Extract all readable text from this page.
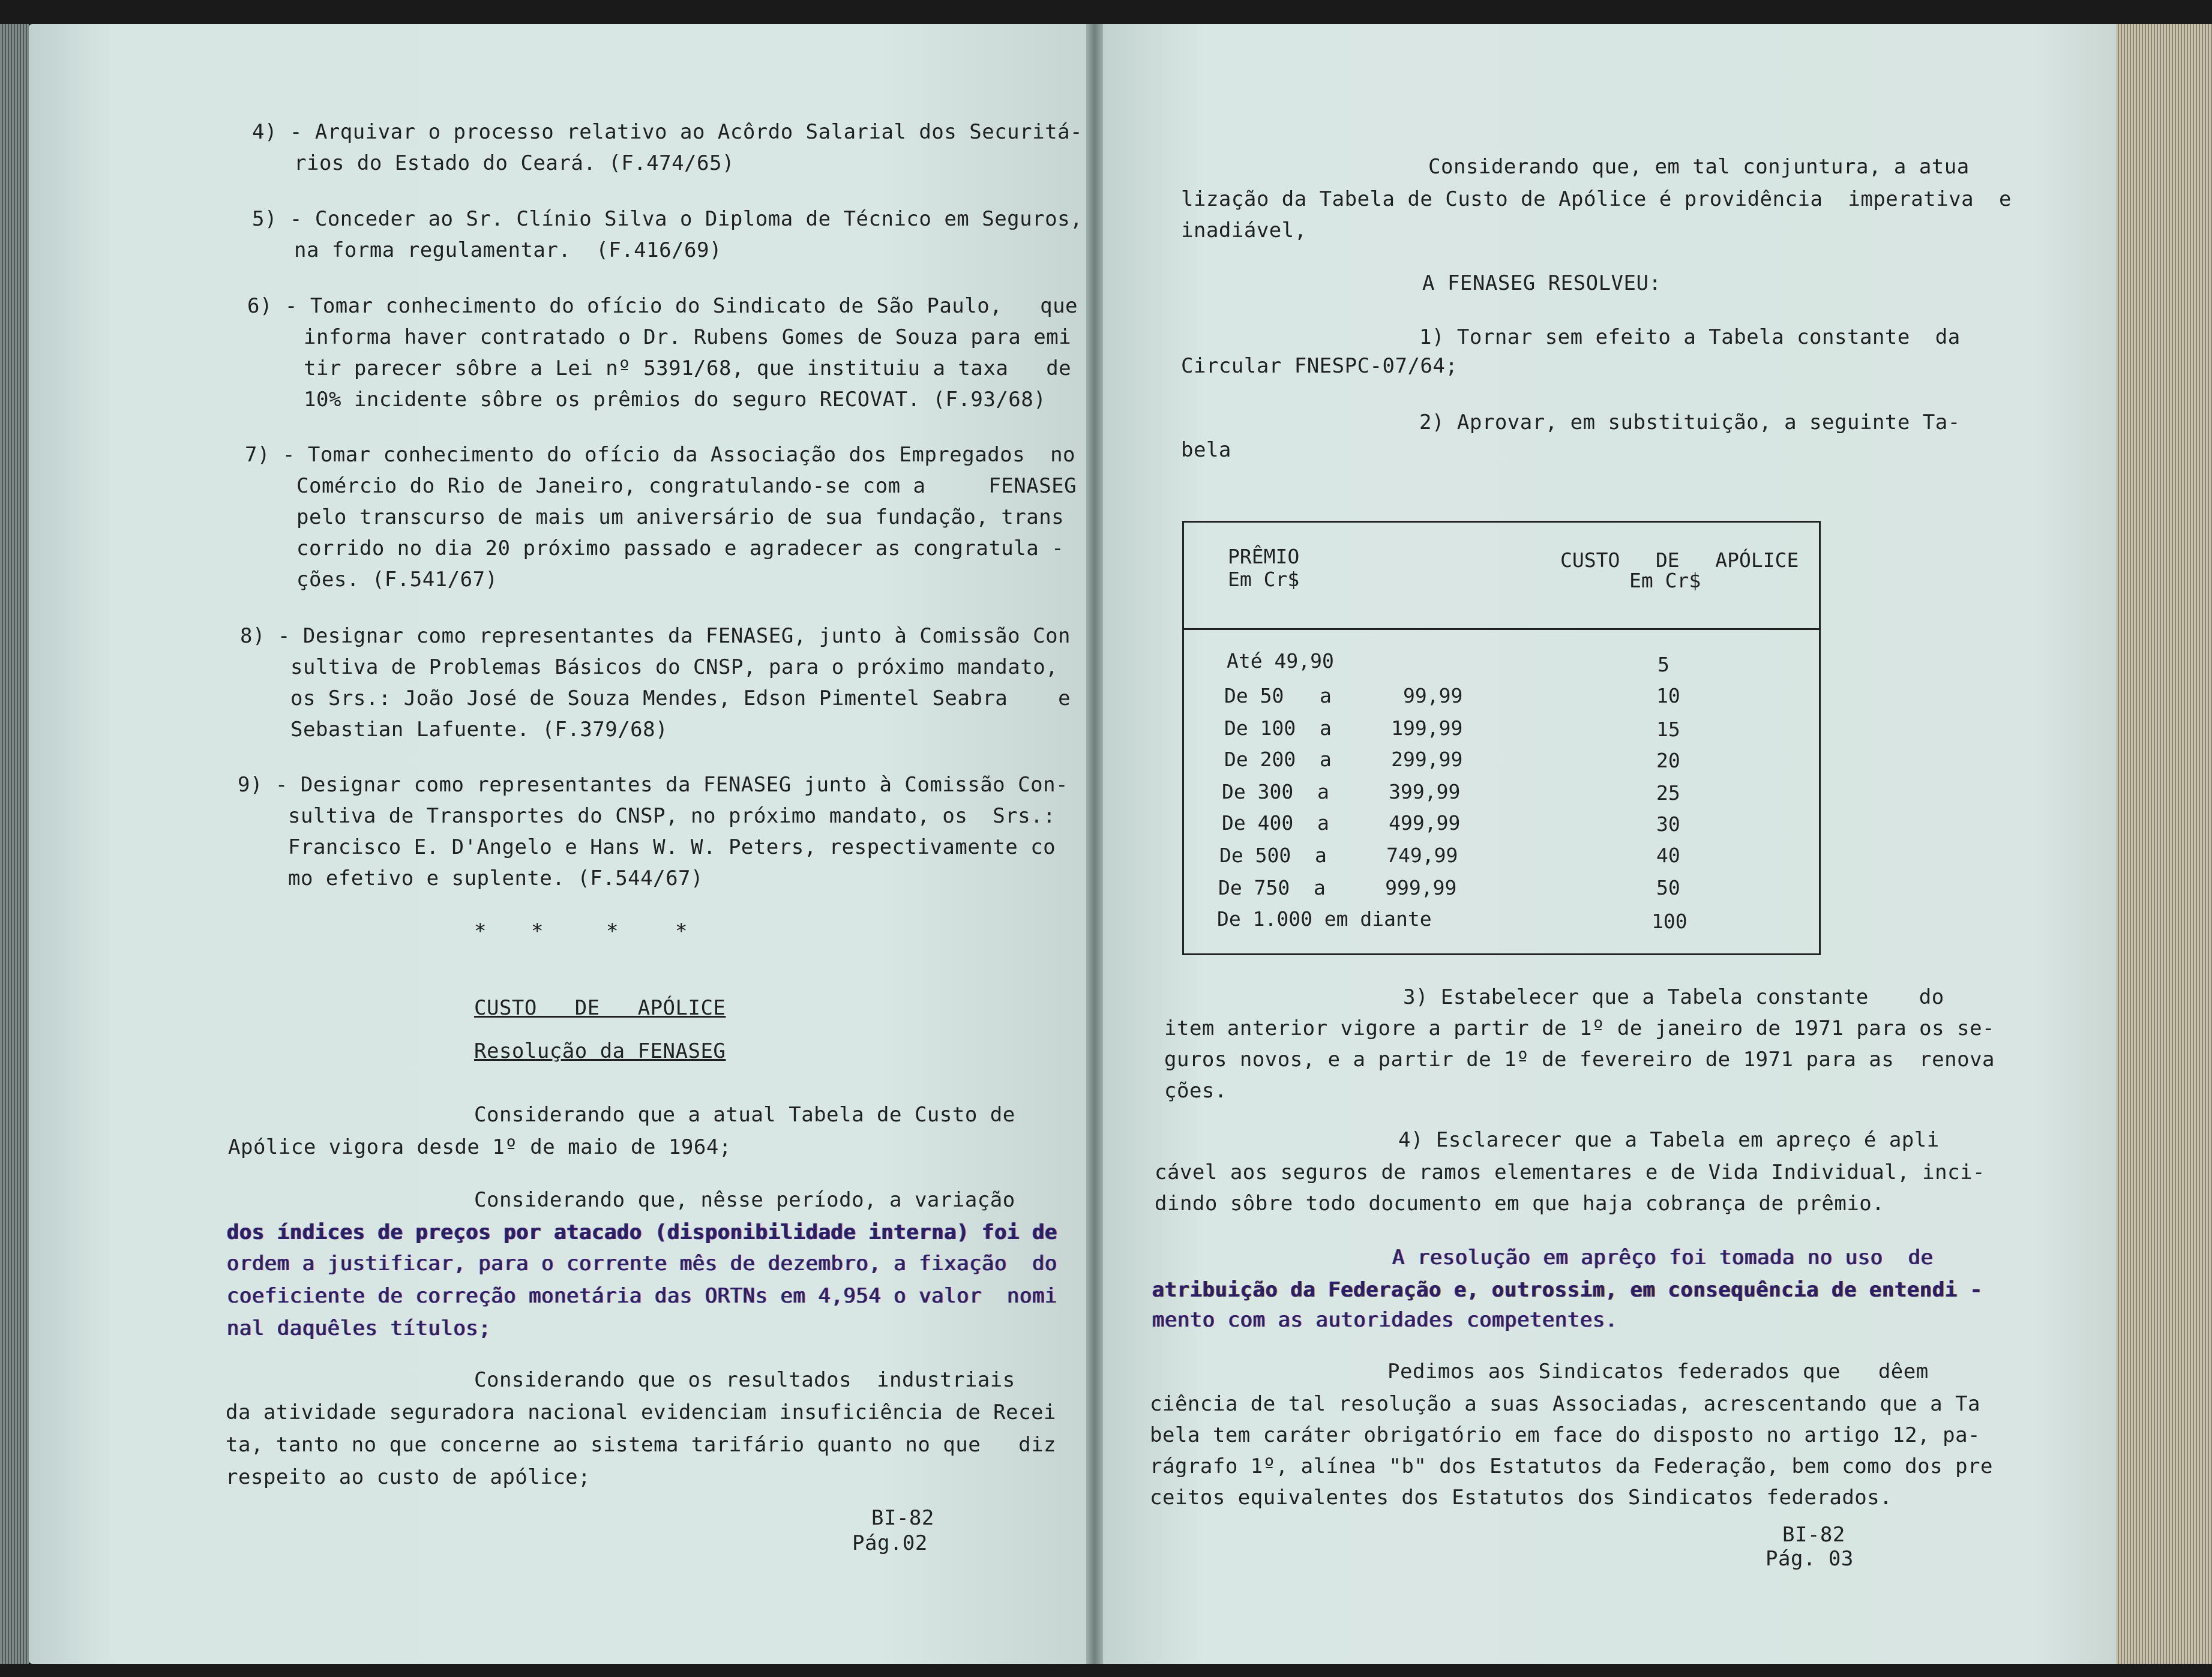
4) - Arquivar o processo relativo ao Acôrdo Salarial dos Securitá-
rios do Estado do Ceará. (F.474/65)
5) - Conceder ao Sr. Clínio Silva o Diploma de Técnico em Seguros,
na forma regulamentar.  (F.416/69)
6) - Tomar conhecimento do ofício do Sindicato de São Paulo,   que
informa haver contratado o Dr. Rubens Gomes de Souza para emi
tir parecer sôbre a Lei nº 5391/68, que instituiu a taxa   de
10% incidente sôbre os prêmios do seguro RECOVAT. (F.93/68)
7) - Tomar conhecimento do ofício da Associação dos Empregados  no
Comércio do Rio de Janeiro, congratulando-se com a     FENASEG
pelo transcurso de mais um aniversário de sua fundação, trans
corrido no dia 20 próximo passado e agradecer as congratula -
ções. (F.541/67)
8) - Designar como representantes da FENASEG, junto à Comissão Con
sultiva de Problemas Básicos do CNSP, para o próximo mandato,
os Srs.: João José de Souza Mendes, Edson Pimentel Seabra    e
Sebastian Lafuente. (F.379/68)
9) - Designar como representantes da FENASEG junto à Comissão Con-
sultiva de Transportes do CNSP, no próximo mandato, os  Srs.:
Francisco E. D'Angelo e Hans W. W. Peters, respectivamente co
mo efetivo e suplente. (F.544/67)
* *	*	*
CUSTO   DE   APÓLICE
Resolução da FENASEG
Considerando que a atual Tabela de Custo de
Apólice vigora desde 1º de maio de 1964;
Considerando que, nêsse período, a variação
dos índices de preços por atacado (disponibilidade interna) foi de
ordem a justificar, para o corrente mês de dezembro, a fixação  do
coeficiente de correção monetária das ORTNs em 4,954 o valor  nomi
nal daquêles títulos;
Considerando que os resultados  industriais
da atividade seguradora nacional evidenciam insuficiência de Recei
ta, tanto no que concerne ao sistema tarifário quanto no que   diz
respeito ao custo de apólice;
BI-82
Pág.02
Considerando que, em tal conjuntura, a atua
lização da Tabela de Custo de Apólice é providência  imperativa  e
inadiável,
A FENASEG RESOLVEU:
1) Tornar sem efeito a Tabela constante  da
Circular FNESPC-07/64;
2) Aprovar, em substituição, a seguinte Ta-
bela
PRÊMIO
Em Cr$
CUSTO   DE   APÓLICE
Em Cr$
Até 49,90	5
De 50   a      99,99	10
De 100  a     199,99	15
De 200  a     299,99	20
De 300  a     399,99	25
De 400  a     499,99	30
De 500  a     749,99	40
De 750  a     999,99	50
De 1.000 em diante	100
3) Estabelecer que a Tabela constante    do
item anterior vigore a partir de 1º de janeiro de 1971 para os se-
guros novos, e a partir de 1º de fevereiro de 1971 para as  renova
ções.
4) Esclarecer que a Tabela em apreço é apli
cável aos seguros de ramos elementares e de Vida Individual, inci-
dindo sôbre todo documento em que haja cobrança de prêmio.
A resolução em aprêço foi tomada no uso  de
atribuição da Federação e, outrossim, em consequência de entendi -
mento com as autoridades competentes.
Pedimos aos Sindicatos federados que   dêem
ciência de tal resolução a suas Associadas, acrescentando que a Ta
bela tem caráter obrigatório em face do disposto no artigo 12, pa-
rágrafo 1º, alínea "b" dos Estatutos da Federação, bem como dos pre
ceitos equivalentes dos Estatutos dos Sindicatos federados.
BI-82
Pág. 03
